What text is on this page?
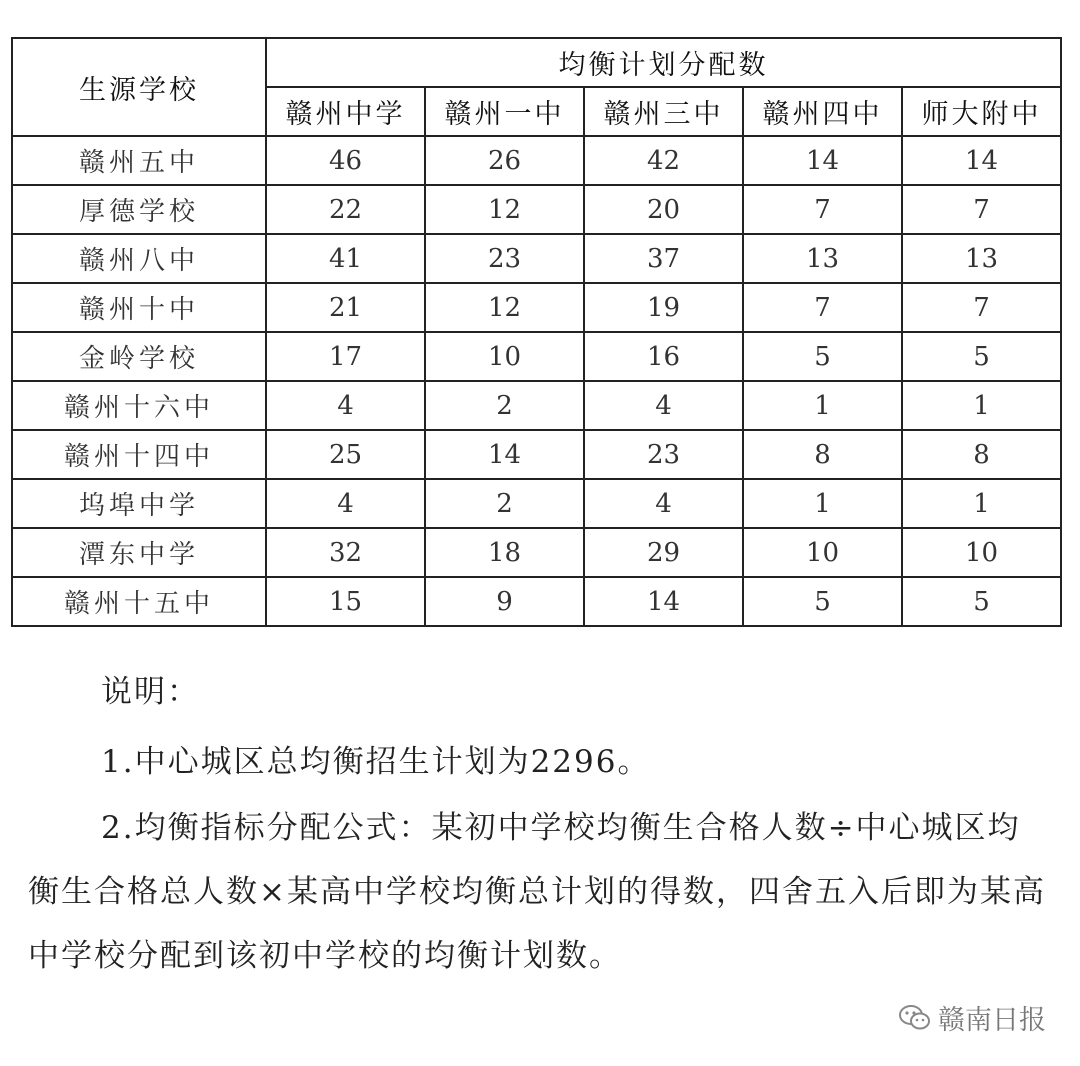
生源学校	均衡计划分配数				
	赣州中学	赣州一中	赣州三中	赣州四中	师大附中
赣州五中	46	26	42	14	14
厚德学校	22	12	20	7	7
赣州八中	41	23	37	13	13
赣州十中	21	12	19	7	7
金岭学校	17	10	16	5	5
赣州十六中	4	2	4	1	1
赣州十四中	25	14	23	8	8
坞埠中学	4	2	4	1	1
潭东中学	32	18	29	10	10
赣州十五中	15	9	14	5	5

说明：

1.中心城区总均衡招生计划为2296。

2.均衡指标分配公式：某初中学校均衡生合格人数÷中心城区均衡生合格总人数×某高中学校均衡总计划的得数，四舍五入后即为某高中学校分配到该初中学校的均衡计划数。

赣南日报
